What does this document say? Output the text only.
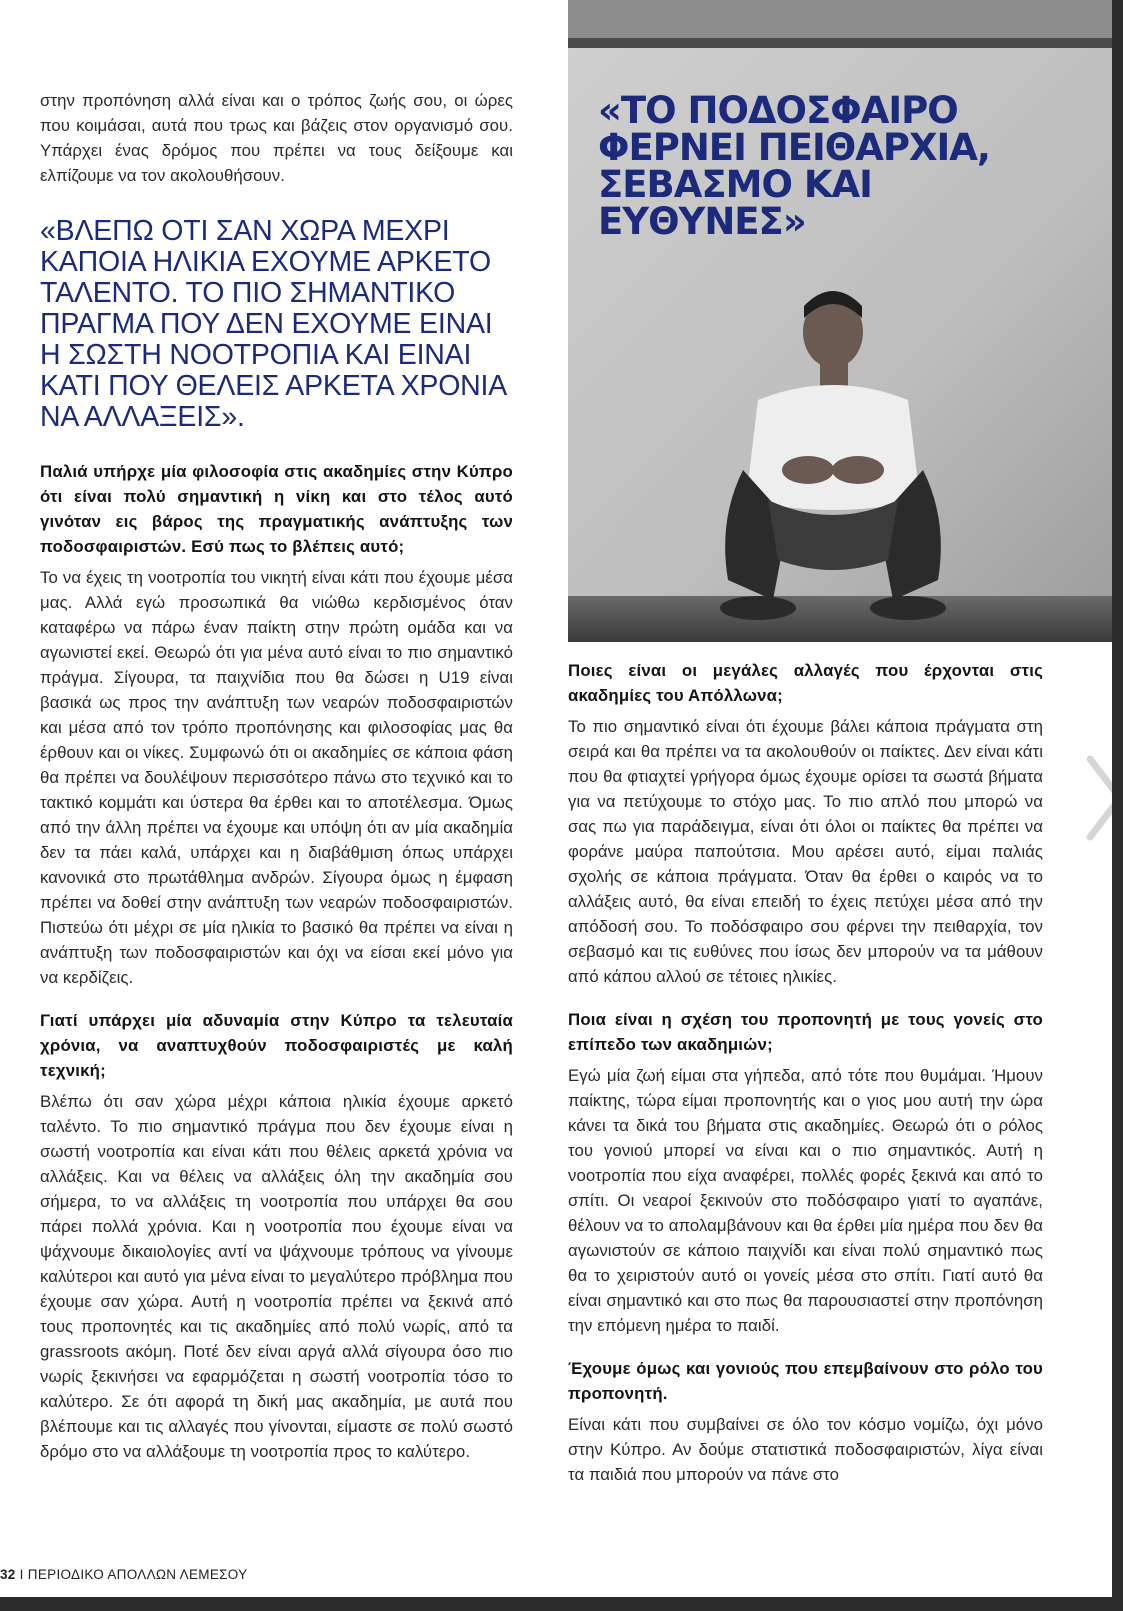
στην προπόνηση αλλά είναι και ο τρόπος ζωής σου, οι ώρες που κοιμάσαι, αυτά που τρως και βάζεις στον οργανισμό σου. Υπάρχει ένας δρόμος που πρέπει να τους δείξουμε και ελπίζουμε να τον ακολουθήσουν.

«ΒΛΕΠΩ ΟΤΙ ΣΑΝ ΧΩΡΑ ΜΕΧΡΙ ΚΑΠΟΙΑ ΗΛΙΚΙΑ ΕΧΟΥΜΕ ΑΡΚΕΤΟ ΤΑΛΕΝΤΟ. ΤΟ ΠΙΟ ΣΗΜΑΝΤΙΚΟ ΠΡΑΓΜΑ ΠΟΥ ΔΕΝ ΕΧΟΥΜΕ ΕΙΝΑΙ Η ΣΩΣΤΗ ΝΟΟΤΡΟΠΙΑ ΚΑΙ ΕΙΝΑΙ ΚΑΤΙ ΠΟΥ ΘΕΛΕΙΣ ΑΡΚΕΤΑ ΧΡΟΝΙΑ ΝΑ ΑΛΛΑΞΕΙΣ».

Παλιά υπήρχε μία φιλοσοφία στις ακαδημίες στην Κύπρο ότι είναι πολύ σημαντική η νίκη και στο τέλος αυτό γινόταν εις βάρος της πραγματικής ανάπτυξης των ποδοσφαιριστών. Εσύ πως το βλέπεις αυτό;

Το να έχεις τη νοοτροπία του νικητή είναι κάτι που έχουμε μέσα μας. Αλλά εγώ προσωπικά θα νιώθω κερδισμένος όταν καταφέρω να πάρω έναν παίκτη στην πρώτη ομάδα και να αγωνιστεί εκεί. Θεωρώ ότι για μένα αυτό είναι το πιο σημαντικό πράγμα. Σίγουρα, τα παιχνίδια που θα δώσει η U19 είναι βασικά ως προς την ανάπτυξη των νεαρών ποδοσφαιριστών και μέσα από τον τρόπο προπόνησης και φιλοσοφίας μας θα έρθουν και οι νίκες. Συμφωνώ ότι οι ακαδημίες σε κάποια φάση θα πρέπει να δουλέψουν περισσότερο πάνω στο τεχνικό και το τακτικό κομμάτι και ύστερα θα έρθει και το αποτέλεσμα. Όμως από την άλλη πρέπει να έχουμε και υπόψη ότι αν μία ακαδημία δεν τα πάει καλά, υπάρχει και η διαβάθμιση όπως υπάρχει κανονικά στο πρωτάθλημα ανδρών. Σίγουρα όμως η έμφαση πρέπει να δοθεί στην ανάπτυξη των νεαρών ποδοσφαιριστών. Πιστεύω ότι μέχρι σε μία ηλικία το βασικό θα πρέπει να είναι η ανάπτυξη των ποδοσφαιριστών και όχι να είσαι εκεί μόνο για να κερδίζεις.

Γιατί υπάρχει μία αδυναμία στην Κύπρο τα τελευταία χρόνια, να αναπτυχθούν ποδοσφαιριστές με καλή τεχνική;

Βλέπω ότι σαν χώρα μέχρι κάποια ηλικία έχουμε αρκετό ταλέντο. Το πιο σημαντικό πράγμα που δεν έχουμε είναι η σωστή νοοτροπία και είναι κάτι που θέλεις αρκετά χρόνια να αλλάξεις. Και να θέλεις να αλλάξεις όλη την ακαδημία σου σήμερα, το να αλλάξεις τη νοοτροπία που υπάρχει θα σου πάρει πολλά χρόνια. Και η νοοτροπία που έχουμε είναι να ψάχνουμε δικαιολογίες αντί να ψάχνουμε τρόπους να γίνουμε καλύτεροι και αυτό για μένα είναι το μεγαλύτερο πρόβλημα που έχουμε σαν χώρα. Αυτή η νοοτροπία πρέπει να ξεκινά από τους προπονητές και τις ακαδημίες από πολύ νωρίς, από τα grassroots ακόμη. Ποτέ δεν είναι αργά αλλά σίγουρα όσο πιο νωρίς ξεκινήσει να εφαρμόζεται η σωστή νοοτροπία τόσο το καλύτερο. Σε ότι αφορά τη δική μας ακαδημία, με αυτά που βλέπουμε και τις αλλαγές που γίνονται, είμαστε σε πολύ σωστό δρόμο στο να αλλάξουμε τη νοοτροπία προς το καλύτερο.

«ΤΟ ΠΟΔΟΣΦΑΙΡΟ ΦΕΡΝΕΙ ΠΕΙΘΑΡΧΙΑ, ΣΕΒΑΣΜΟ ΚΑΙ ΕΥΘΥΝΕΣ»

Ποιες είναι οι μεγάλες αλλαγές που έρχονται στις ακαδημίες του Απόλλωνα;

Το πιο σημαντικό είναι ότι έχουμε βάλει κάποια πράγματα στη σειρά και θα πρέπει να τα ακολουθούν οι παίκτες. Δεν είναι κάτι που θα φτιαχτεί γρήγορα όμως έχουμε ορίσει τα σωστά βήματα για να πετύχουμε το στόχο μας. Το πιο απλό που μπορώ να σας πω για παράδειγμα, είναι ότι όλοι οι παίκτες θα πρέπει να φοράνε μαύρα παπούτσια. Μου αρέσει αυτό, είμαι παλιάς σχολής σε κάποια πράγματα. Όταν θα έρθει ο καιρός να το αλλάξεις αυτό, θα είναι επειδή το έχεις πετύχει μέσα από την απόδοσή σου. Το ποδόσφαιρο σου φέρνει την πειθαρχία, τον σεβασμό και τις ευθύνες που ίσως δεν μπορούν να τα μάθουν από κάπου αλλού σε τέτοιες ηλικίες.

Ποια είναι η σχέση του προπονητή με τους γονείς στο επίπεδο των ακαδημιών;

Εγώ μία ζωή είμαι στα γήπεδα, από τότε που θυμάμαι. Ήμουν παίκτης, τώρα είμαι προπονητής και ο γιος μου αυτή την ώρα κάνει τα δικά του βήματα στις ακαδημίες. Θεωρώ ότι ο ρόλος του γονιού μπορεί να είναι και ο πιο σημαντικός. Αυτή η νοοτροπία που είχα αναφέρει, πολλές φορές ξεκινά και από το σπίτι. Οι νεαροί ξεκινούν στο ποδόσφαιρο γιατί το αγαπάνε, θέλουν να το απολαμβάνουν και θα έρθει μία ημέρα που δεν θα αγωνιστούν σε κάποιο παιχνίδι και είναι πολύ σημαντικό πως θα το χειριστούν αυτό οι γονείς μέσα στο σπίτι. Γιατί αυτό θα είναι σημαντικό και στο πως θα παρουσιαστεί στην προπόνηση την επόμενη ημέρα το παιδί.

Έχουμε όμως και γονιούς που επεμβαίνουν στο ρόλο του προπονητή.

Είναι κάτι που συμβαίνει σε όλο τον κόσμο νομίζω, όχι μόνο στην Κύπρο. Αν δούμε στατιστικά ποδοσφαιριστών, λίγα είναι τα παιδιά που μπορούν να πάνε στο

32 I ΠΕΡΙΟΔΙΚΟ ΑΠΟΛΛΩΝ ΛΕΜΕΣΟΥ
